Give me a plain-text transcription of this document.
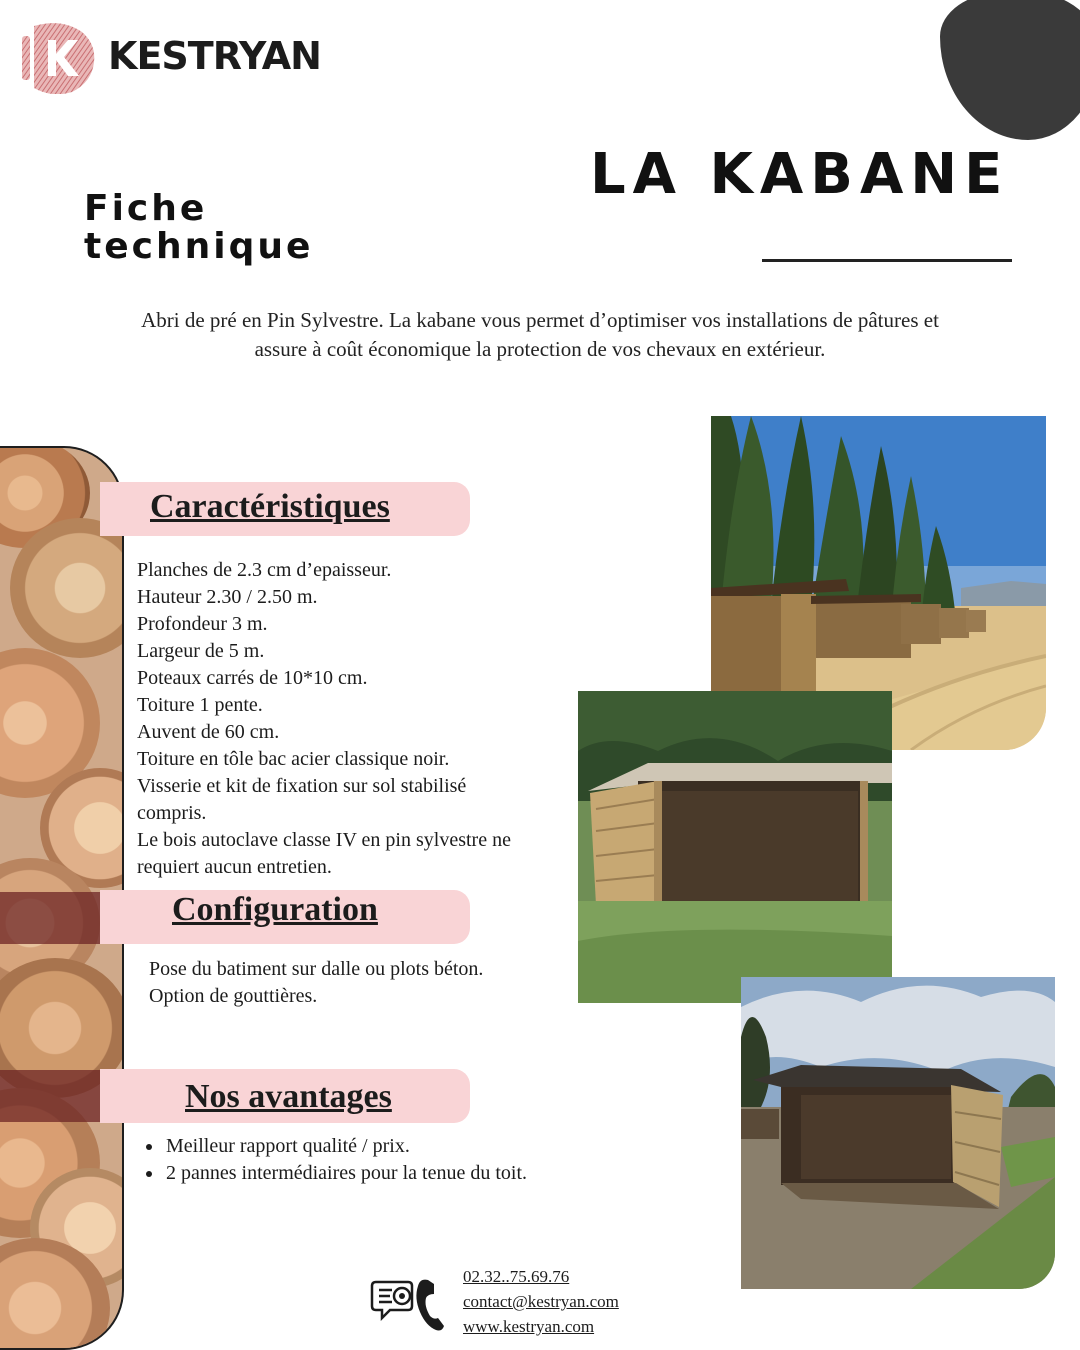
KESTRYAN
LA KABANE
Fiche
technique
Abri de pré en Pin Sylvestre. La kabane vous permet d’optimiser vos installations de pâtures et
assure à coût économique la protection de vos chevaux en extérieur.
Caractéristiques
Planches de 2.3 cm d’epaisseur.
Hauteur 2.30 / 2.50 m.
Profondeur 3 m.
Largeur de 5 m.
Poteaux carrés de 10*10 cm.
Toiture 1 pente.
Auvent de 60 cm.
Toiture en tôle bac acier classique noir.
Visserie et kit de fixation sur sol stabilisé
compris.
Le bois autoclave classe IV en pin sylvestre ne
requiert aucun entretien.
Configuration
Pose du batiment sur dalle ou plots béton.
Option de gouttières.
Nos avantages
• Meilleur rapport qualité / prix.
• 2 pannes intermédiaires pour la tenue du toit.
02.32..75.69.76
contact@kestryan.com
www.kestryan.com
